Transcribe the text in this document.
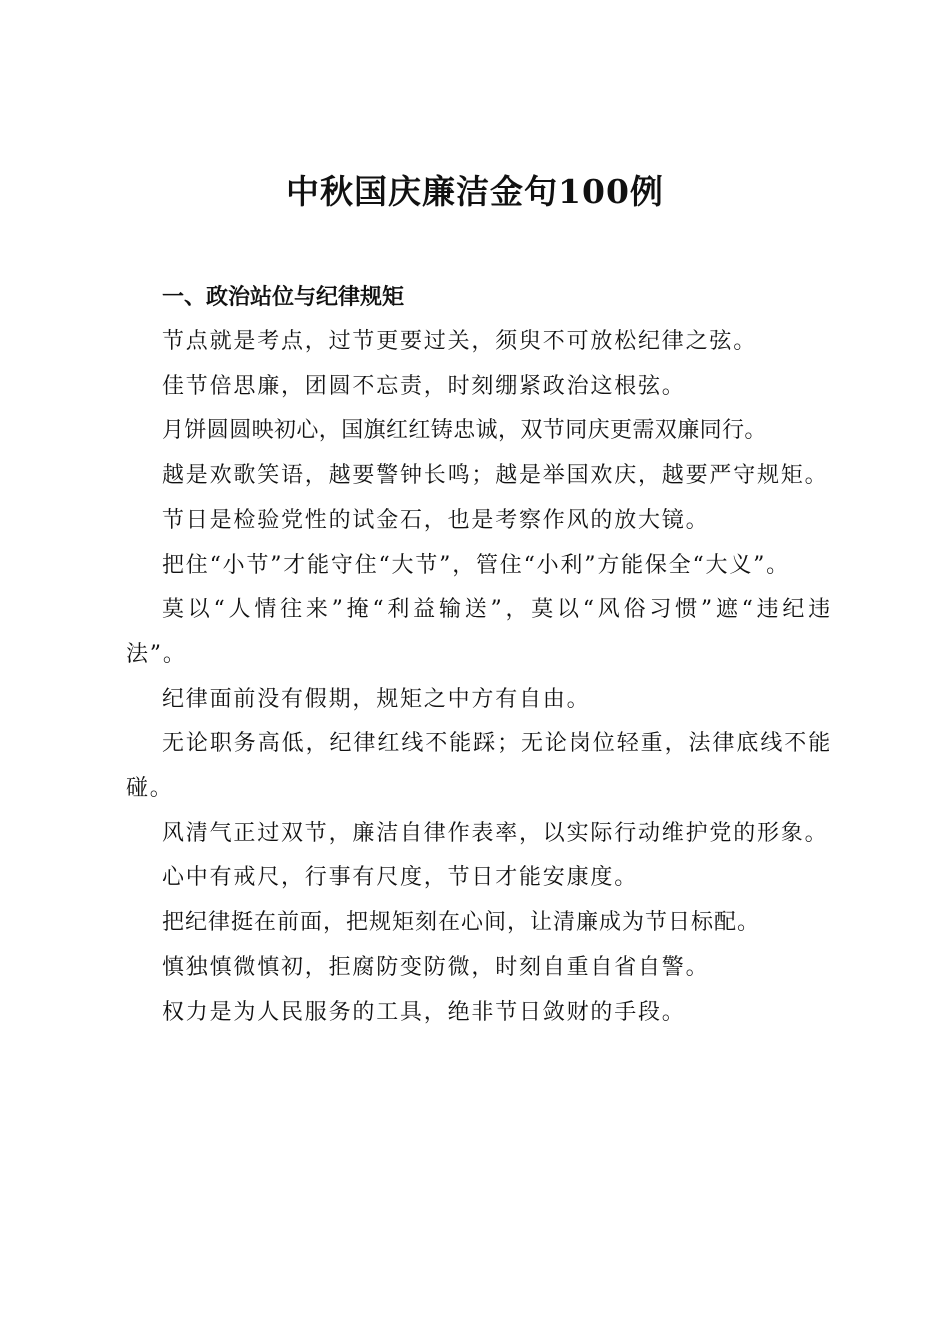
中秋国庆廉洁金句100例
一、政治站位与纪律规矩

节点就是考点，过节更要过关，须臾不可放松纪律之弦。

佳节倍思廉，团圆不忘责，时刻绷紧政治这根弦。

月饼圆圆映初心，国旗红红铸忠诚，双节同庆更需双廉同行。

越是欢歌笑语，越要警钟长鸣；越是举国欢庆，越要严守规矩。

节日是检验党性的试金石，也是考察作风的放大镜。

把住“小节”才能守住“大节”，管住“小利”方能保全“大义”。

莫以“人情往来”掩“利益输送”，莫以“风俗习惯”遮“违纪违法”。

纪律面前没有假期，规矩之中方有自由。

无论职务高低，纪律红线不能踩；无论岗位轻重，法律底线不能碰。

风清气正过双节，廉洁自律作表率，以实际行动维护党的形象。

心中有戒尺，行事有尺度，节日才能安康度。

把纪律挺在前面，把规矩刻在心间，让清廉成为节日标配。

慎独慎微慎初，拒腐防变防微，时刻自重自省自警。

权力是为人民服务的工具，绝非节日敛财的手段。
